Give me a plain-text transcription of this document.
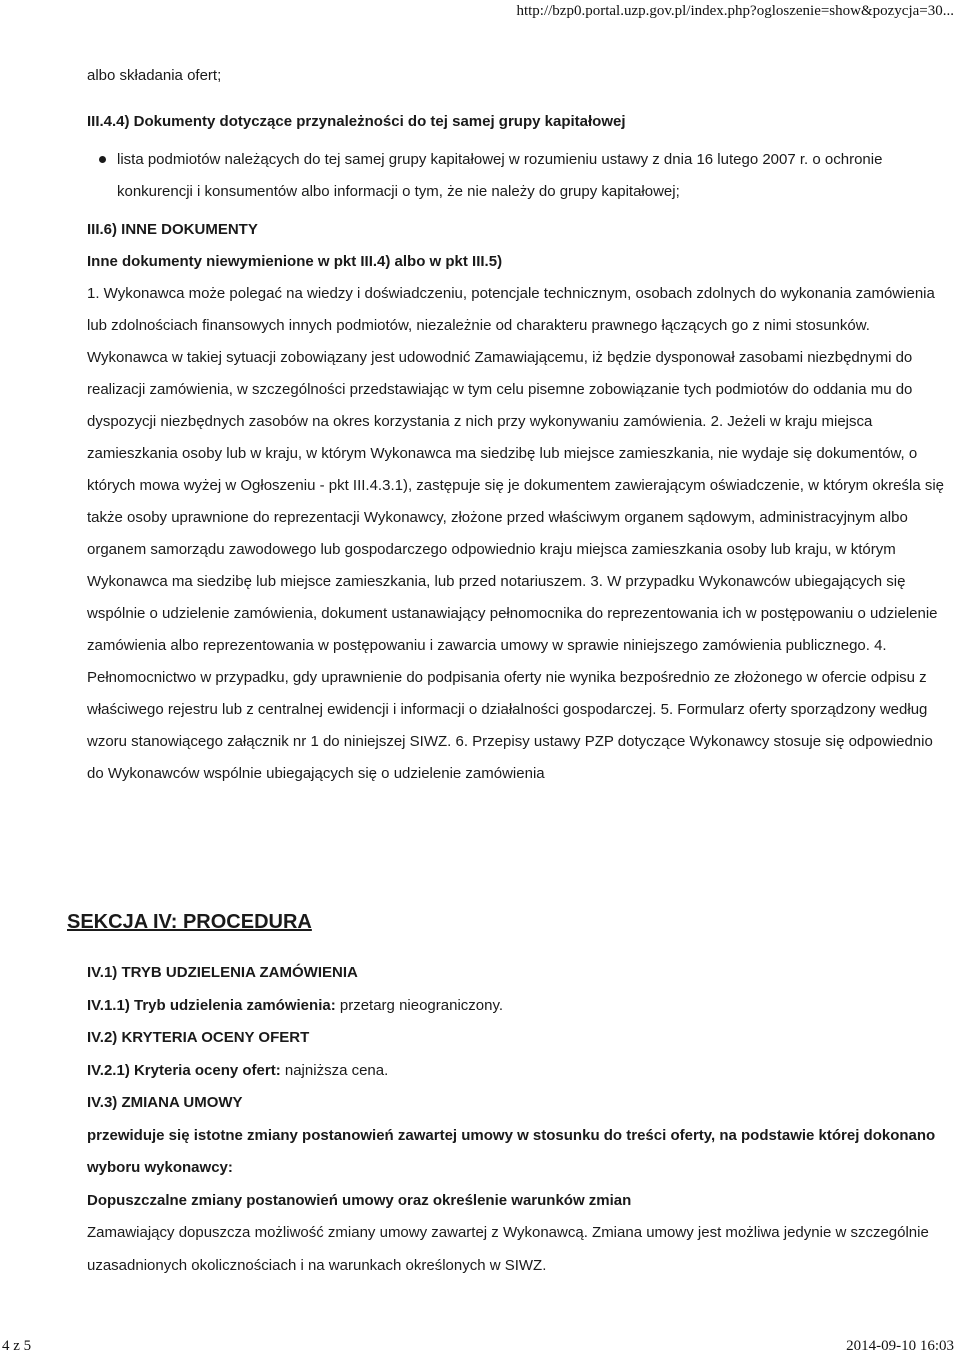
http://bzp0.portal.uzp.gov.pl/index.php?ogloszenie=show&pozycja=30...

albo składania ofert;

III.4.4) Dokumenty dotyczące przynależności do tej samej grupy kapitałowej

lista podmiotów należących do tej samej grupy kapitałowej w rozumieniu ustawy z dnia 16 lutego 2007 r. o ochronie konkurencji i konsumentów albo informacji o tym, że nie należy do grupy kapitałowej;

III.6) INNE DOKUMENTY

Inne dokumenty niewymienione w pkt III.4) albo w pkt III.5)

1. Wykonawca może polegać na wiedzy i doświadczeniu, potencjale technicznym, osobach zdolnych do wykonania zamówienia lub zdolnościach finansowych innych podmiotów, niezależnie od charakteru prawnego łączących go z nimi stosunków. Wykonawca w takiej sytuacji zobowiązany jest udowodnić Zamawiającemu, iż będzie dysponował zasobami niezbędnymi do realizacji zamówienia, w szczególności przedstawiając w tym celu pisemne zobowiązanie tych podmiotów do oddania mu do dyspozycji niezbędnych zasobów na okres korzystania z nich przy wykonywaniu zamówienia. 2. Jeżeli w kraju miejsca zamieszkania osoby lub w kraju, w którym Wykonawca ma siedzibę lub miejsce zamieszkania, nie wydaje się dokumentów, o których mowa wyżej w Ogłoszeniu - pkt III.4.3.1), zastępuje się je dokumentem zawierającym oświadczenie, w którym określa się także osoby uprawnione do reprezentacji Wykonawcy, złożone przed właściwym organem sądowym, administracyjnym albo organem samorządu zawodowego lub gospodarczego odpowiednio kraju miejsca zamieszkania osoby lub kraju, w którym Wykonawca ma siedzibę lub miejsce zamieszkania, lub przed notariuszem. 3. W przypadku Wykonawców ubiegających się wspólnie o udzielenie zamówienia, dokument ustanawiający pełnomocnika do reprezentowania ich w postępowaniu o udzielenie zamówienia albo reprezentowania w postępowaniu i zawarcia umowy w sprawie niniejszego zamówienia publicznego. 4. Pełnomocnictwo w przypadku, gdy uprawnienie do podpisania oferty nie wynika bezpośrednio ze złożonego w ofercie odpisu z właściwego rejestru lub z centralnej ewidencji i informacji o działalności gospodarczej. 5. Formularz oferty sporządzony według wzoru stanowiącego załącznik nr 1 do niniejszej SIWZ. 6. Przepisy ustawy PZP dotyczące Wykonawcy stosuje się odpowiednio do Wykonawców wspólnie ubiegających się o udzielenie zamówienia

SEKCJA IV: PROCEDURA

IV.1) TRYB UDZIELENIA ZAMÓWIENIA

IV.1.1) Tryb udzielenia zamówienia: przetarg nieograniczony.

IV.2) KRYTERIA OCENY OFERT

IV.2.1) Kryteria oceny ofert: najniższa cena.

IV.3) ZMIANA UMOWY

przewiduje się istotne zmiany postanowień zawartej umowy w stosunku do treści oferty, na podstawie której dokonano wyboru wykonawcy:

Dopuszczalne zmiany postanowień umowy oraz określenie warunków zmian

Zamawiający dopuszcza możliwość zmiany umowy zawartej z Wykonawcą. Zmiana umowy jest możliwa jedynie w szczególnie uzasadnionych okolicznościach i na warunkach określonych w SIWZ.

4 z 5	2014-09-10 16:03
